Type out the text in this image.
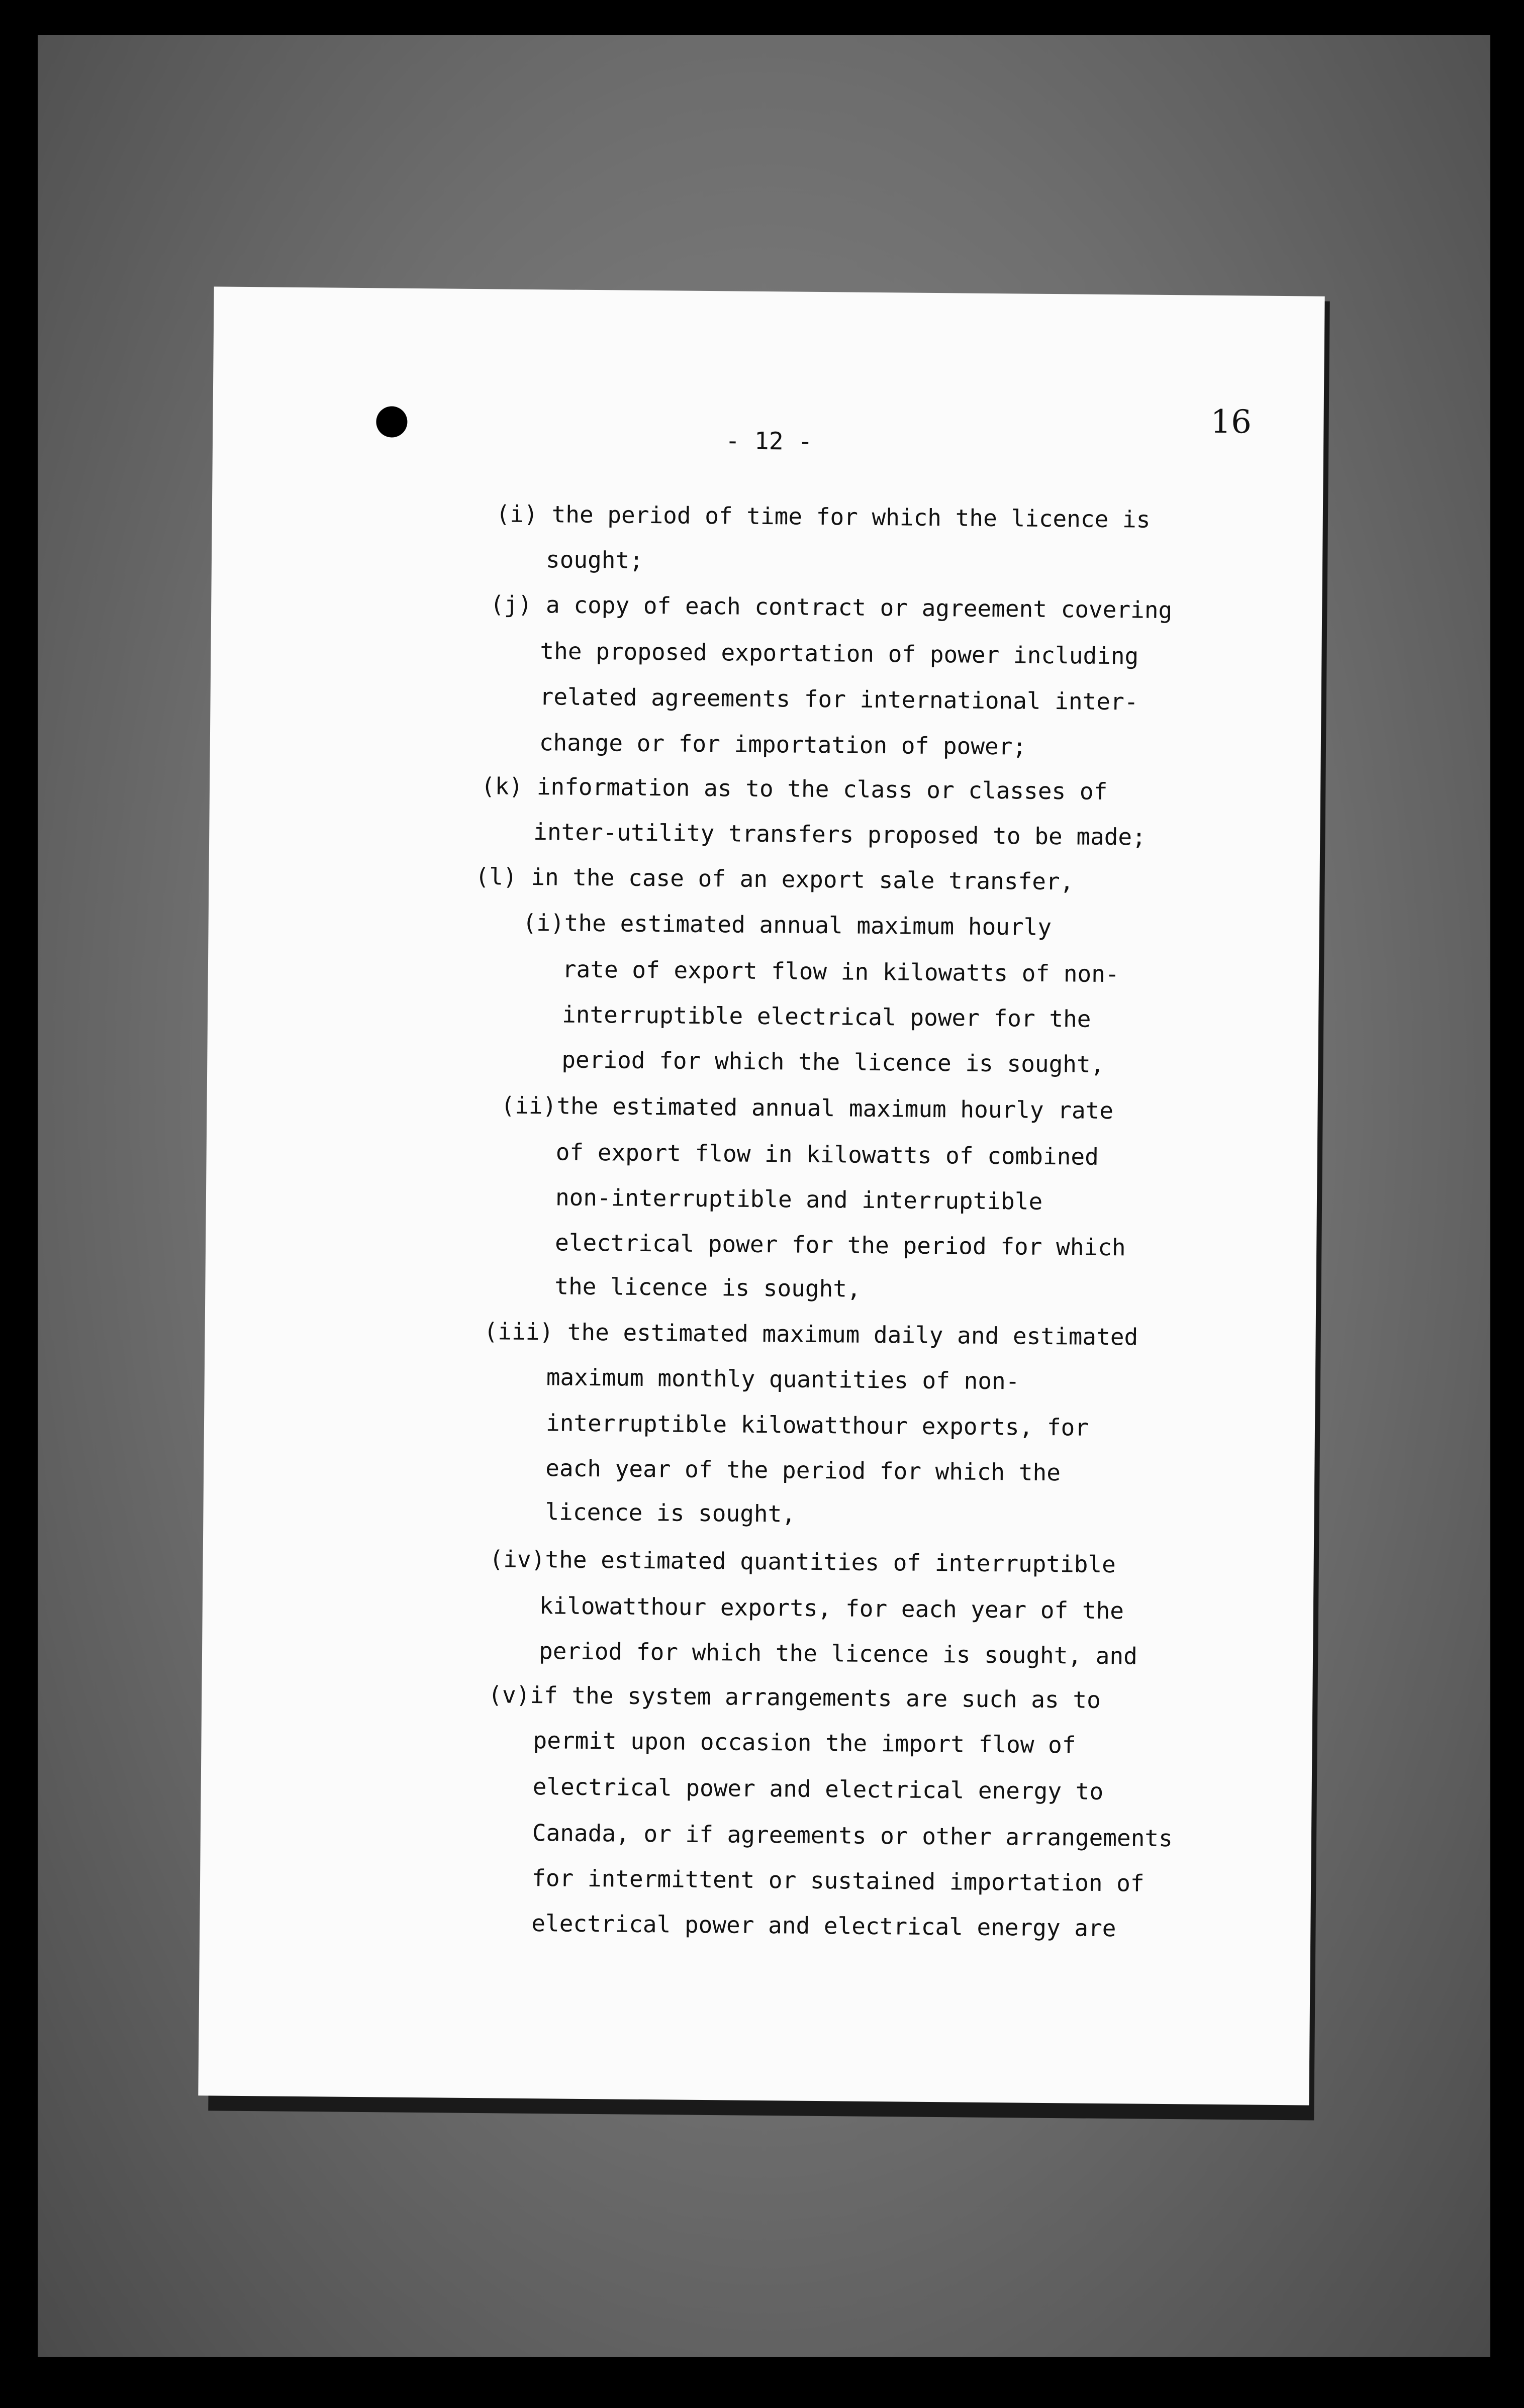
16
- 12 -
(i) the period of time for which the licence is
sought;
(j) a copy of each contract or agreement covering
the proposed exportation of power including
related agreements for international inter-
change or for importation of power;
(k) information as to the class or classes of
inter-utility transfers proposed to be made;
(l) in the case of an export sale transfer,
(i)the estimated annual maximum hourly
rate of export flow in kilowatts of non-
interruptible electrical power for the
period for which the licence is sought,
(ii)the estimated annual maximum hourly rate
of export flow in kilowatts of combined
non-interruptible and interruptible
electrical power for the period for which
the licence is sought,
(iii) the estimated maximum daily and estimated
maximum monthly quantities of non-
interruptible kilowatthour exports, for
each year of the period for which the
licence is sought,
(iv)the estimated quantities of interruptible
kilowatthour exports, for each year of the
period for which the licence is sought, and
(v)if the system arrangements are such as to
permit upon occasion the import flow of
electrical power and electrical energy to
Canada, or if agreements or other arrangements
for intermittent or sustained importation of
electrical power and electrical energy are
